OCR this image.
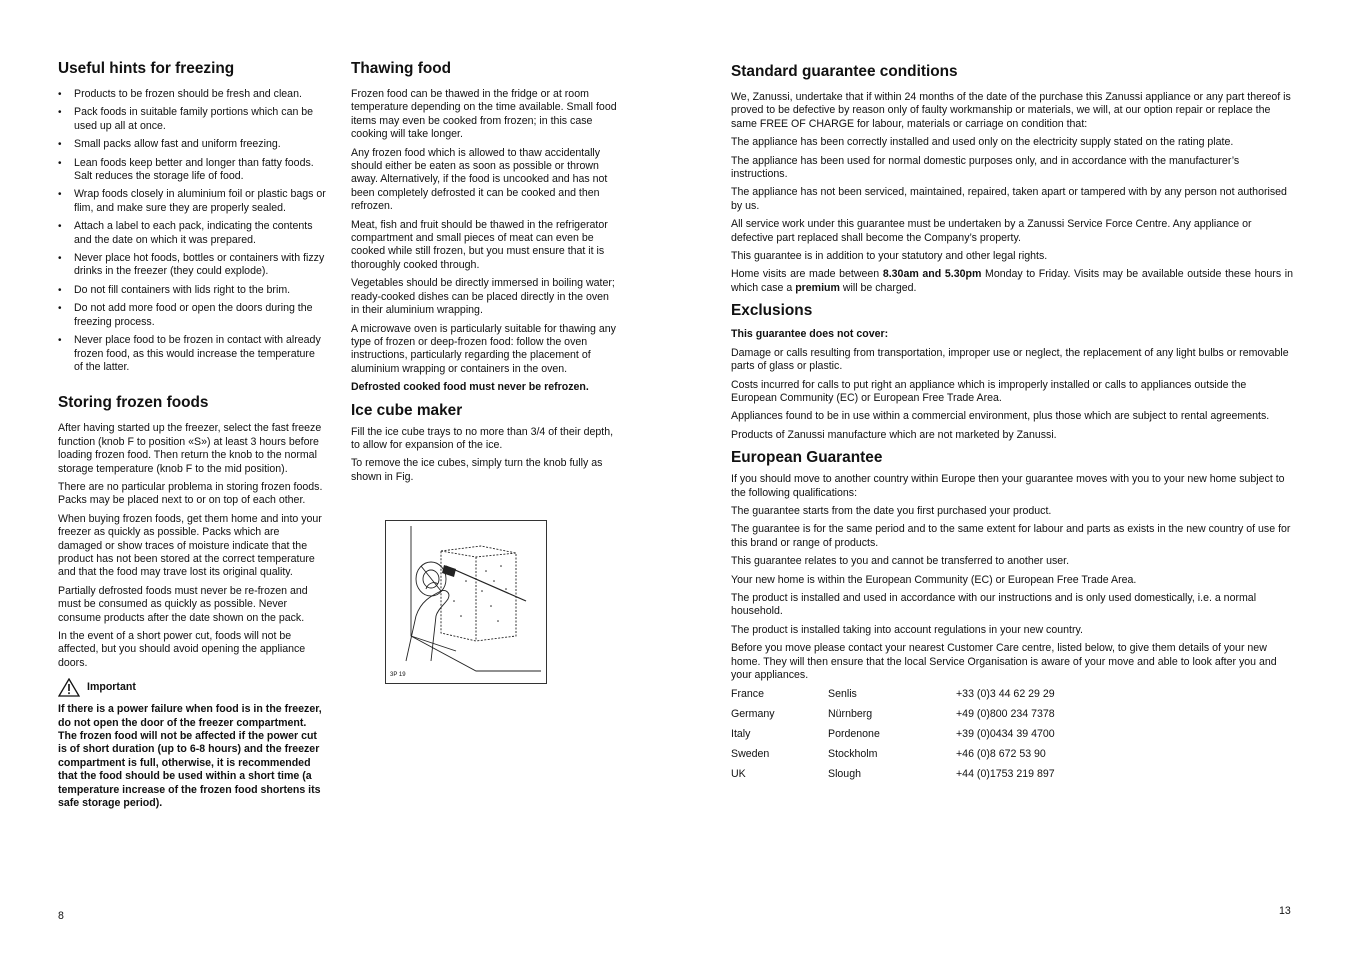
Useful hints for freezing
• Products to be frozen should be fresh and clean.
• Pack foods in suitable family portions which can be used up all at once.
• Small packs allow fast and uniform freezing.
• Lean foods keep better and longer than fatty foods. Salt reduces the storage life of food.
• Wrap foods closely in aluminium foil or plastic bags or flim, and make sure they are properly sealed.
• Attach a label to each pack, indicating the contents and the date on which it was prepared.
• Never place hot foods, bottles or containers with fizzy drinks in the freezer (they could explode).
• Do not fill containers with lids right to the brim.
• Do not add more food or open the doors during the freezing process.
• Never place food to be frozen in contact with already frozen food, as this would increase the temperature of the latter.
Storing frozen foods

After having started up the freezer, select the fast freeze function (knob F to position «S») at least 3 hours before loading frozen food. Then return the knob to the normal storage temperature (knob F to the mid position).

There are no particular problema in storing frozen foods. Packs may be placed next to or on top of each other.

When buying frozen foods, get them home and into your freezer as quickly as possible. Packs which are damaged or show traces of moisture indicate that the product has not been stored at the correct temperature and that the food may trave lost its original quality.

Partially defrosted foods must never be re-frozen and must be consumed as quickly as possible. Never consume products after the date shown on the pack.

In the event of a short power cut, foods will not be affected, but you should avoid opening the appliance doors.

Important

If there is a power failure when food is in the freezer, do not open the door of the freezer compartment. The frozen food will not be affected if the power cut is of short duration (up to 6-8 hours) and the freezer compartment is full, otherwise, it is recommended that the food should be used within a short time (a temperature increase of the frozen food shortens its safe storage period).

Thawing food

Frozen food can be thawed in the fridge or at room temperature depending on the time available. Small food items may even be cooked from frozen; in this case cooking will take longer.

Any frozen food which is allowed to thaw accidentally should either be eaten as soon as possible or thrown away. Alternatively, if the food is uncooked and has not been completely defrosted it can be cooked and then refrozen.

Meat, fish and fruit should be thawed in the refrigerator compartment and small pieces of meat can even be cooked while still frozen, but you must ensure that it is thoroughly cooked through.

Vegetables should be directly immersed in boiling water; ready-cooked dishes can be placed directly in the oven in their aluminium wrapping.

A microwave oven is particularly suitable for thawing any type of frozen or deep-frozen food: follow the oven instructions, particularly regarding the placement of aluminium wrapping or containers in the oven.

Defrosted cooked food must never be refrozen.

Ice cube maker

Fill the ice cube trays to no more than 3/4 of their depth, to allow for expansion of the ice.

To remove the ice cubes, simply turn the knob fully as shown in Fig.

3P 19
8
Standard guarantee conditions

We, Zanussi, undertake that if within 24 months of the date of the purchase this Zanussi appliance or any part thereof is proved to be defective by reason only of faulty workmanship or materials, we will, at our option repair or replace the same FREE OF CHARGE for labour, materials or carriage on condition that:

The appliance has been correctly installed and used only on the electricity supply stated on the rating plate.

The appliance has been used for normal domestic purposes only, and in accordance with the manufacturer’s instructions.

The appliance has not been serviced, maintained, repaired, taken apart or tampered with by any person not authorised by us.

All service work under this guarantee must be undertaken by a Zanussi Service Force Centre. Any appliance or defective part replaced shall become the Company’s property.

This guarantee is in addition to your statutory and other legal rights.

Home visits are made between 8.30am and 5.30pm Monday to Friday. Visits may be available outside these hours in which case a premium will be charged.

Exclusions

This guarantee does not cover:

Damage or calls resulting from transportation, improper use or neglect, the replacement of any light bulbs or removable parts of glass or plastic.

Costs incurred for calls to put right an appliance which is improperly installed or calls to appliances outside the European Community (EC) or European Free Trade Area.

Appliances found to be in use within a commercial environment, plus those which are subject to rental agreements.

Products of Zanussi manufacture which are not marketed by Zanussi.

European Guarantee

If you should move to another country within Europe then your guarantee moves with you to your new home subject to the following qualifications:

The guarantee starts from the date you first purchased your product.

The guarantee is for the same period and to the same extent for labour and parts as exists in the new country of use for this brand or range of products.

This guarantee relates to you and cannot be transferred to another user.

Your new home is within the European Community (EC) or European Free Trade Area.

The product is installed and used in accordance with our instructions and is only used domestically, i.e. a normal household.

The product is installed taking into account regulations in your new country.

Before you move please contact your nearest Customer Care centre, listed below, to give them details of your new home. They will then ensure that the local Service Organisation is aware of your move and able to look after you and your appliances.

France	Senlis	+33 (0)3 44 62 29 29
Germany	Nürnberg	+49 (0)800 234 7378
Italy	Pordenone	+39 (0)0434 39 4700
Sweden	Stockholm	+46 (0)8 672 53 90
UK	Slough	+44 (0)1753 219 897
13
